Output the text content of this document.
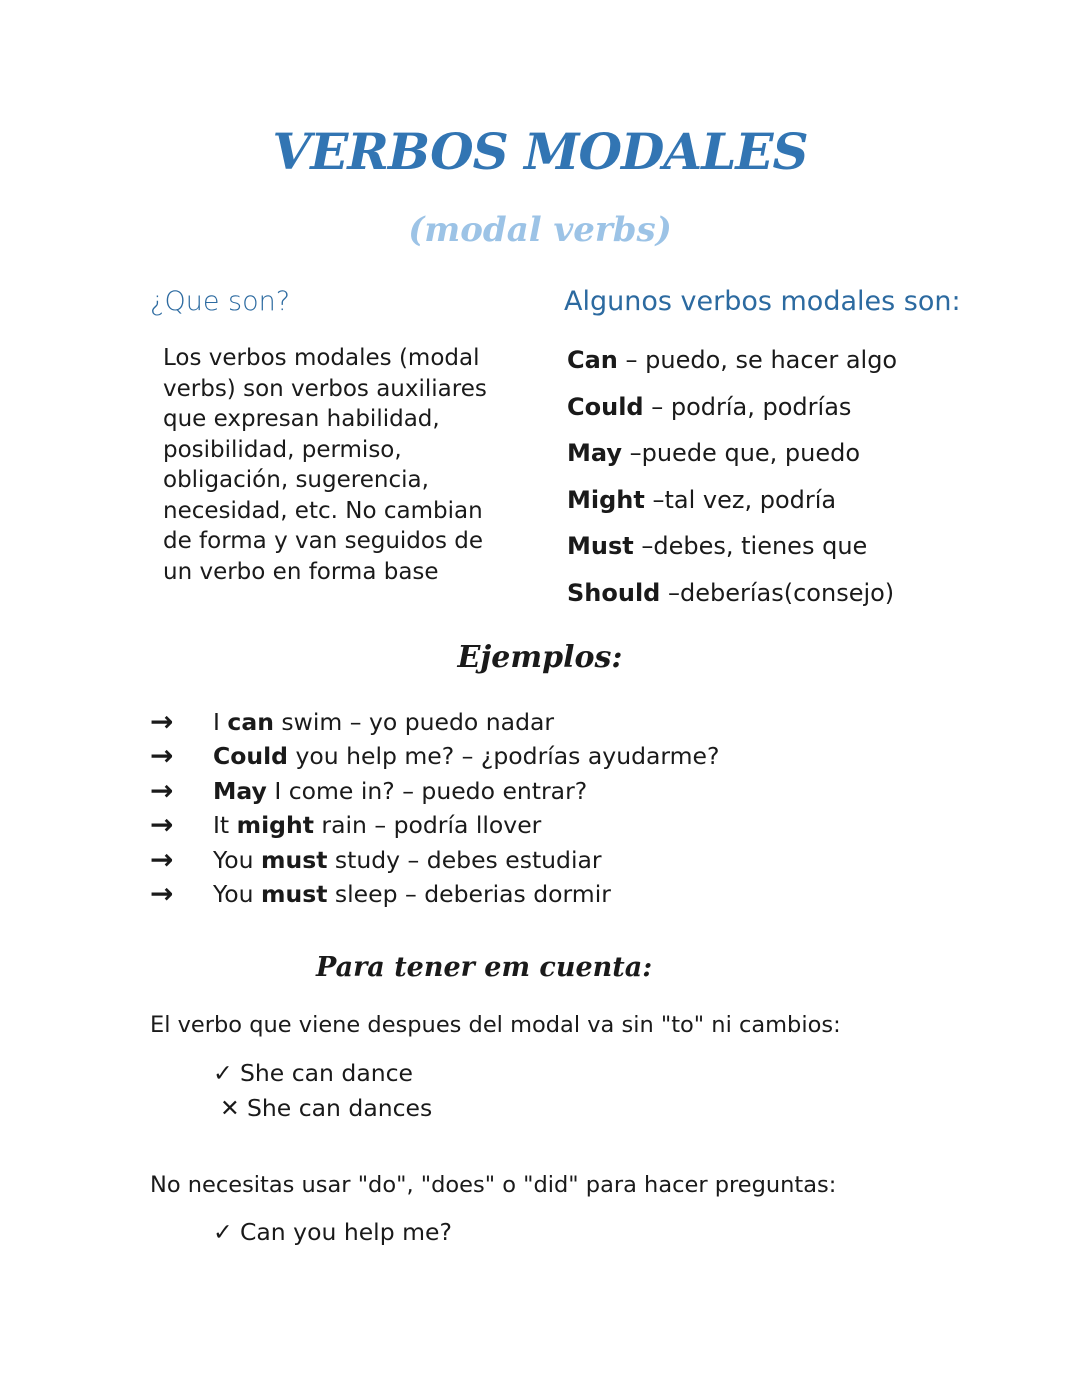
VERBOS MODALES
(modal verbs)
¿Que son?

Los verbos modales (modal verbs) son verbos auxiliares que expresan habilidad, posibilidad, permiso, obligación, sugerencia, necesidad, etc. No cambian de forma y van seguidos de un verbo en forma base

Algunos verbos modales son:
Can – puedo, se hacer algo
Could – podría, podrías
May –puede que, puedo
Might –tal vez, podría
Must –debes, tienes que
Should –deberías(consejo)
Ejemplos:
→	I can swim – yo puedo nadar
→	Could you help me? – ¿podrías ayudarme?
→	May I come in? – puedo entrar?
→	It might rain – podría llover
→	You must study – debes estudiar
→	You must sleep – deberias dormir
Para tener em cuenta:

El verbo que viene despues del modal va sin "to" ni cambios:

✓ She can dance
✕ She can dances

No necesitas usar "do", "does" o "did" para hacer preguntas:

✓ Can you help me?
